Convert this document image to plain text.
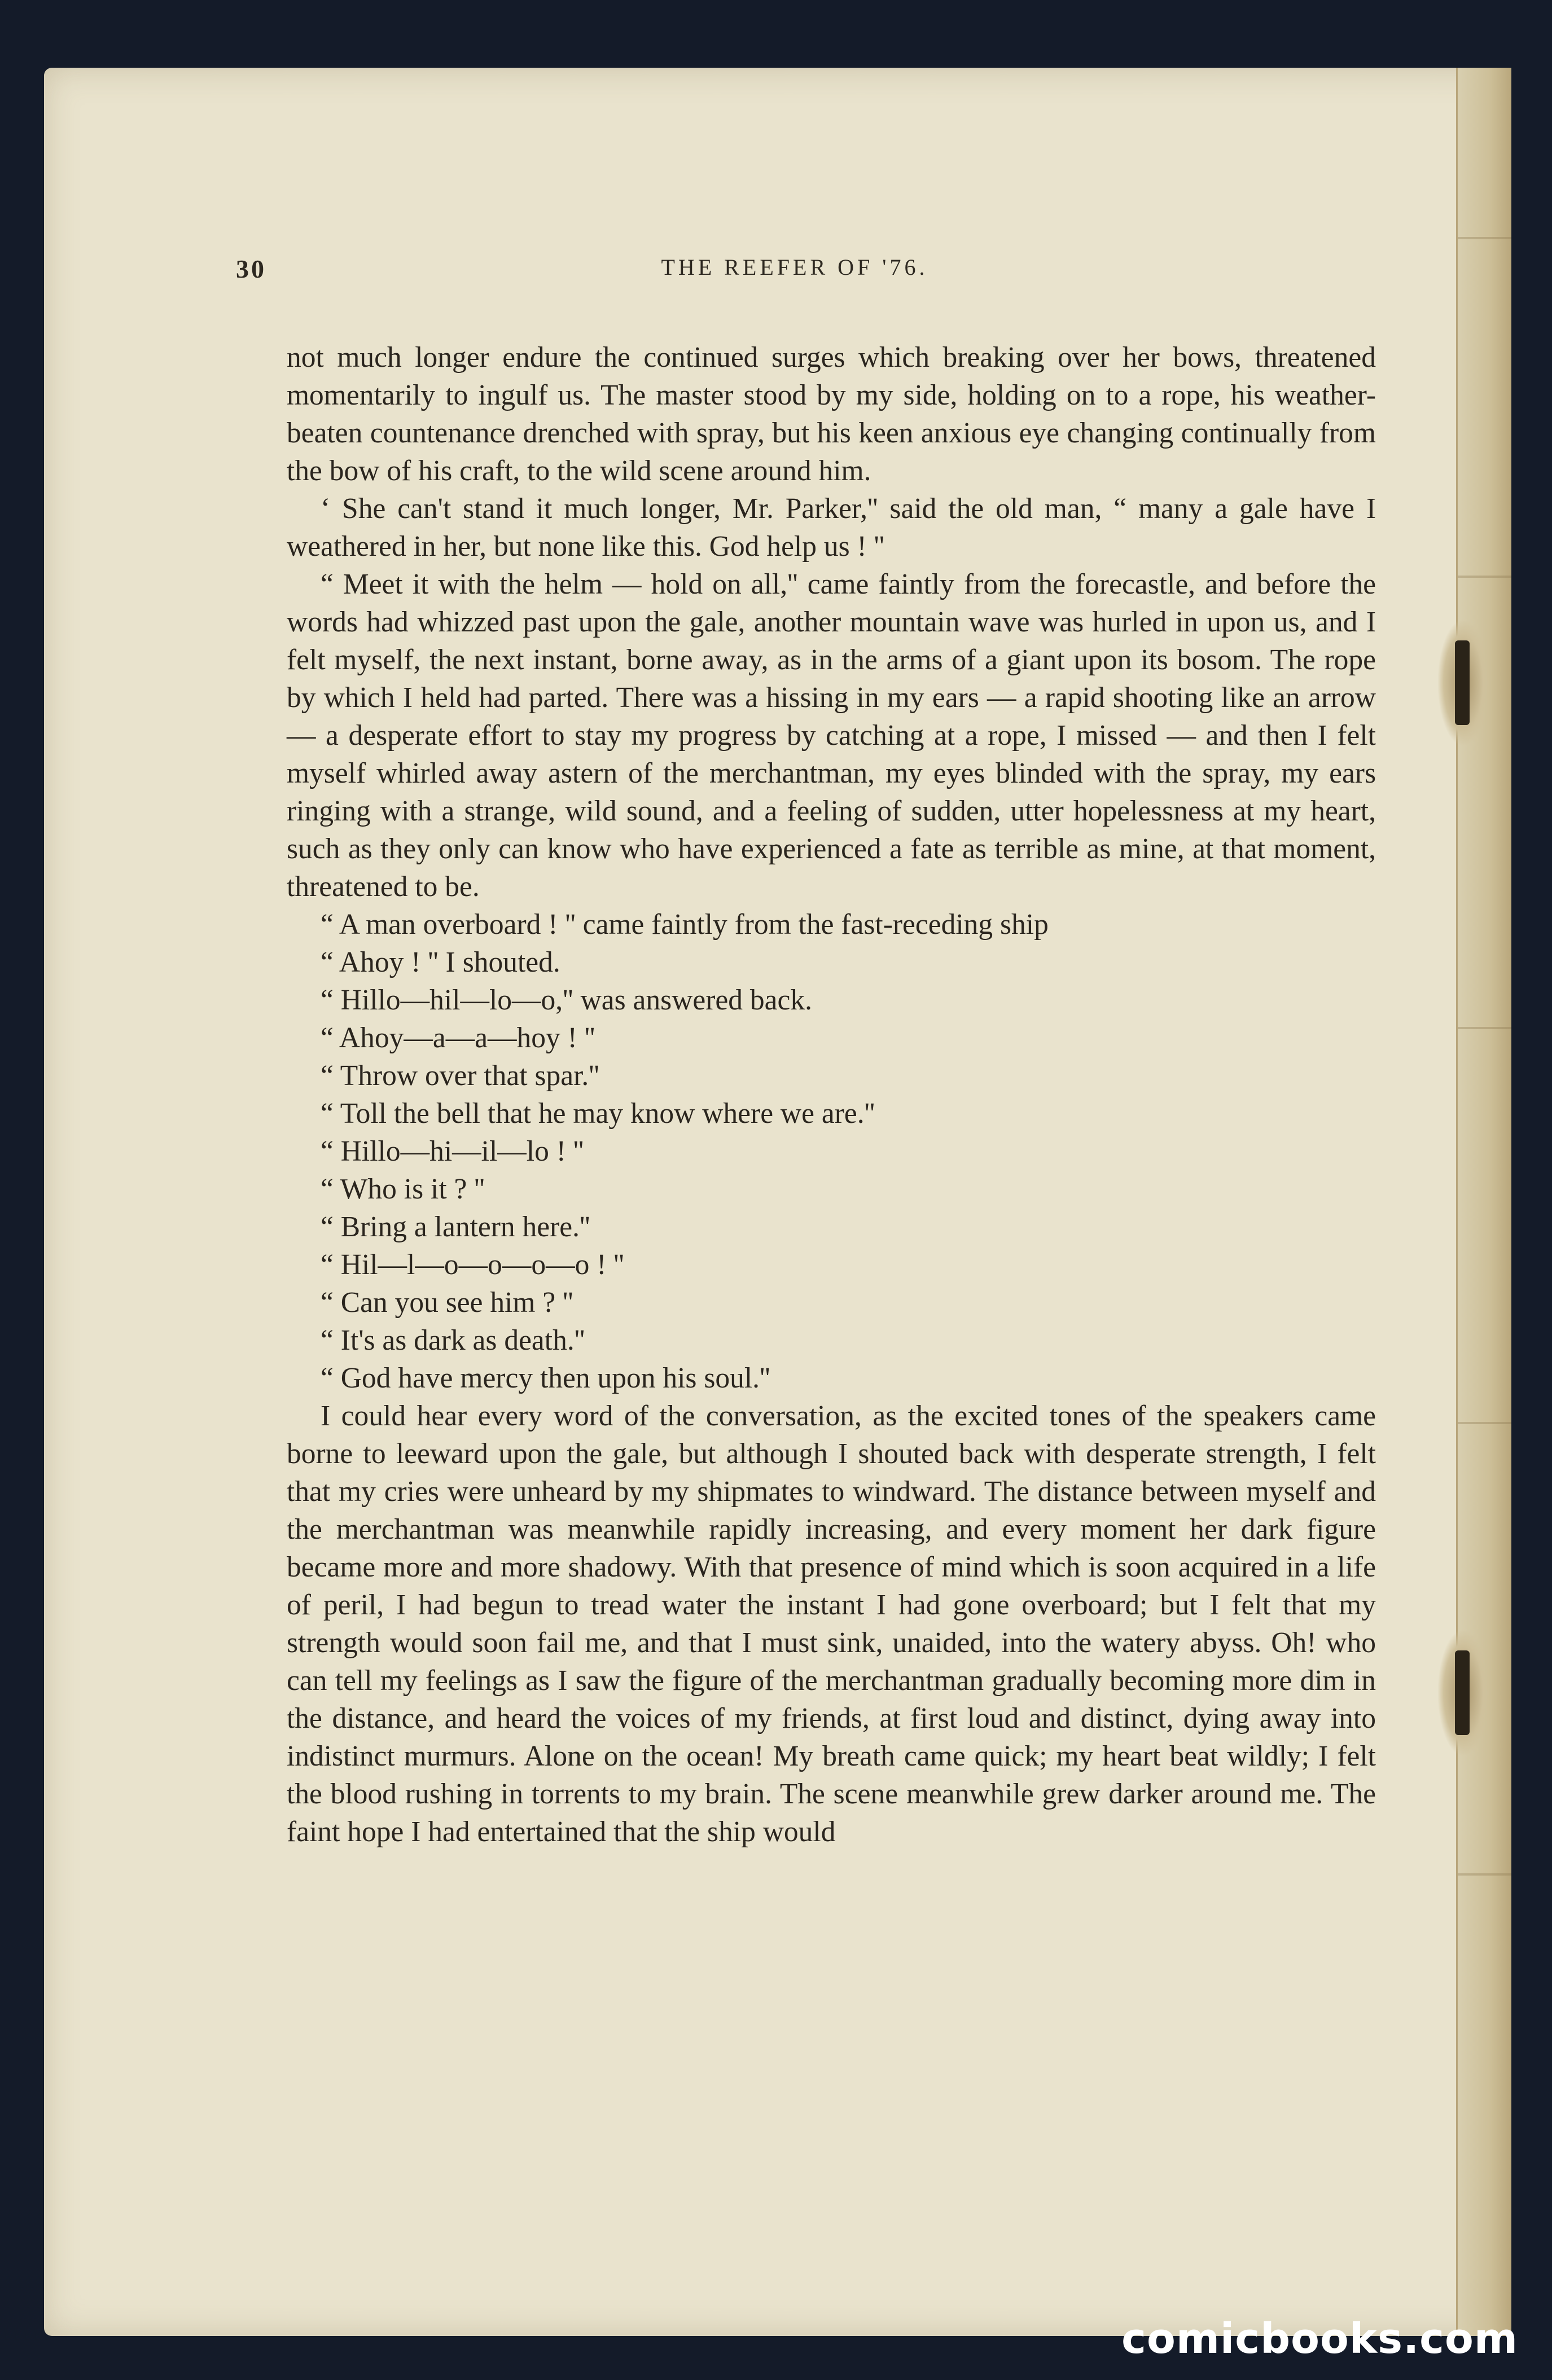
30	THE REEFER OF '76.

not much longer endure the continued surges which breaking over her bows, threatened momentarily to ingulf us. The master stood by my side, holding on to a rope, his weather-beaten countenance drenched with spray, but his keen anxious eye changing continually from the bow of his craft, to the wild scene around him.

‘ She can't stand it much longer, Mr. Parker,'' said the old man, “ many a gale have I weathered in her, but none like this. God help us ! ''

“ Meet it with the helm — hold on all,'' came faintly from the forecastle, and before the words had whizzed past upon the gale, another mountain wave was hurled in upon us, and I felt myself, the next instant, borne away, as in the arms of a giant upon its bosom. The rope by which I held had parted. There was a hissing in my ears — a rapid shooting like an arrow — a desperate effort to stay my progress by catching at a rope, I missed — and then I felt myself whirled away astern of the merchantman, my eyes blinded with the spray, my ears ringing with a strange, wild sound, and a feeling of sudden, utter hopelessness at my heart, such as they only can know who have experienced a fate as terrible as mine, at that moment, threatened to be.

“ A man overboard ! '' came faintly from the fast-receding ship

“ Ahoy ! '' I shouted.

“ Hillo—hil—lo—o,'' was answered back.

“ Ahoy—a—a—hoy ! ''

“ Throw over that spar.''

“ Toll the bell that he may know where we are.''

“ Hillo—hi—il—lo ! ''

“ Who is it ? ''

“ Bring a lantern here.''

“ Hil—l—o—o—o—o ! ''

“ Can you see him ? ''

“ It's as dark as death.''

“ God have mercy then upon his soul.''

I could hear every word of the conversation, as the excited tones of the speakers came borne to leeward upon the gale, but although I shouted back with desperate strength, I felt that my cries were unheard by my shipmates to windward. The distance between myself and the merchantman was meanwhile rapidly increasing, and every moment her dark figure became more and more shadowy. With that presence of mind which is soon acquired in a life of peril, I had begun to tread water the instant I had gone overboard; but I felt that my strength would soon fail me, and that I must sink, unaided, into the watery abyss. Oh! who can tell my feelings as I saw the figure of the merchantman gradually becoming more dim in the distance, and heard the voices of my friends, at first loud and distinct, dying away into indistinct murmurs. Alone on the ocean! My breath came quick; my heart beat wildly; I felt the blood rushing in torrents to my brain. The scene meanwhile grew darker around me. The faint hope I had entertained that the ship would

comicbooks.com
